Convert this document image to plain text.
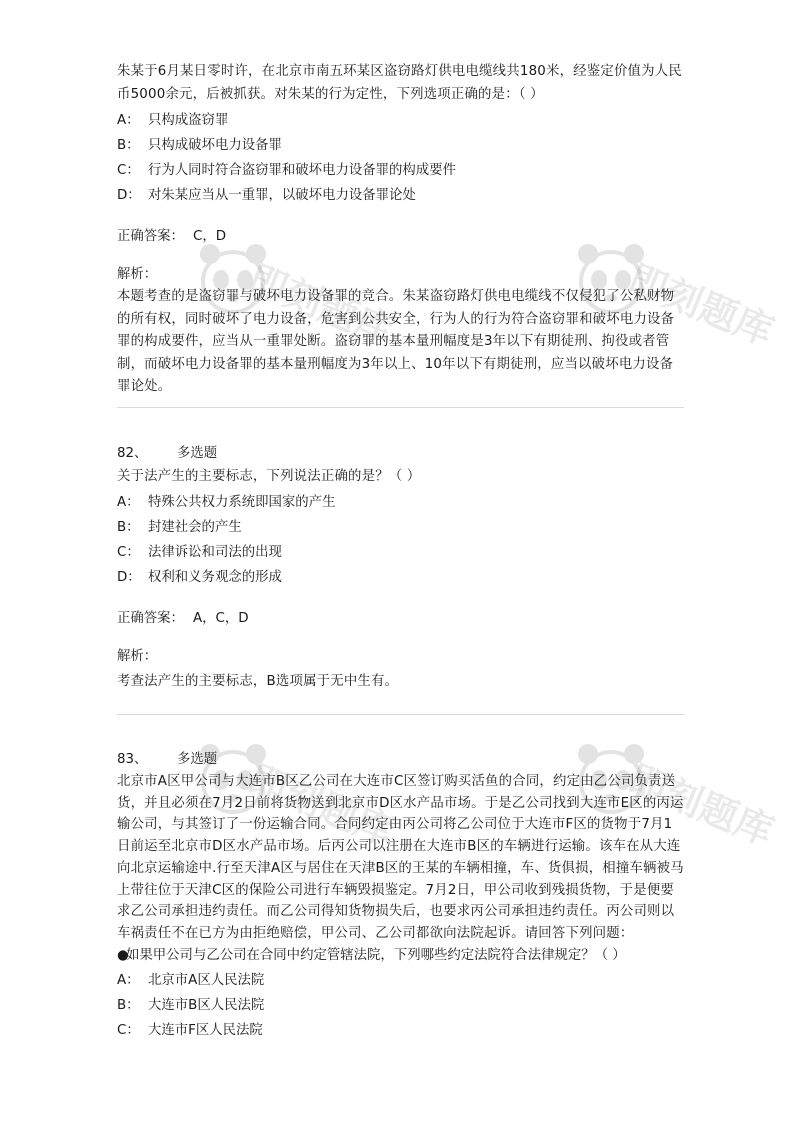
即刻题库	即刻题库
即刻题库	即刻题库

朱某于6月某日零时许，在北京市南五环某区盗窃路灯供电电缆线共180米，经鉴定价值为人民币5000余元，后被抓获。对朱某的行为定性，下列选项正确的是：（ ）

A： 只构成盗窃罪
B： 只构成破坏电力设备罪
C： 行为人同时符合盗窃罪和破坏电力设备罪的构成要件
D： 对朱某应当从一重罪，以破坏电力设备罪论处
正确答案： C，D
解析：

本题考查的是盗窃罪与破坏电力设备罪的竞合。朱某盗窃路灯供电电缆线不仅侵犯了公私财物的所有权，同时破坏了电力设备，危害到公共安全，行为人的行为符合盗窃罪和破坏电力设备罪的构成要件，应当从一重罪处断。盗窃罪的基本量刑幅度是3年以下有期徒刑、拘役或者管制，而破坏电力设备罪的基本量刑幅度为3年以上、10年以下有期徒刑，应当以破坏电力设备罪论处。

82、	多选题

关于法产生的主要标志，下列说法正确的是？（ ）

A： 特殊公共权力系统即国家的产生
B： 封建社会的产生
C： 法律诉讼和司法的出现
D： 权利和义务观念的形成
正确答案： A，C，D
解析：

考查法产生的主要标志，B选项属于无中生有。

83、	多选题

北京市A区甲公司与大连市B区乙公司在大连市C区签订购买活鱼的合同，约定由乙公司负责送货，并且必须在7月2日前将货物送到北京市D区水产品市场。于是乙公司找到大连市E区的丙运输公司，与其签订了一份运输合同。合同约定由丙公司将乙公司位于大连市F区的货物于7月1日前运至北京市D区水产品市场。后丙公司以注册在大连市B区的车辆进行运输。该车在从大连向北京运输途中.行至天津A区与居住在天津B区的王某的车辆相撞，车、货俱损，相撞车辆被马上带往位于天津C区的保险公司进行车辆毁损鉴定。7月2日，甲公司收到残损货物，于是便要求乙公司承担违约责任。而乙公司得知货物损失后，也要求丙公司承担违约责任。丙公司则以车祸责任不在已方为由拒绝赔偿，甲公司、乙公司都欲向法院起诉。请回答下列问题：

●
如果甲公司与乙公司在合同中约定管辖法院，下列哪些约定法院符合法律规定？（ ）
A： 北京市A区人民法院
B： 大连市B区人民法院
C： 大连市F区人民法院
